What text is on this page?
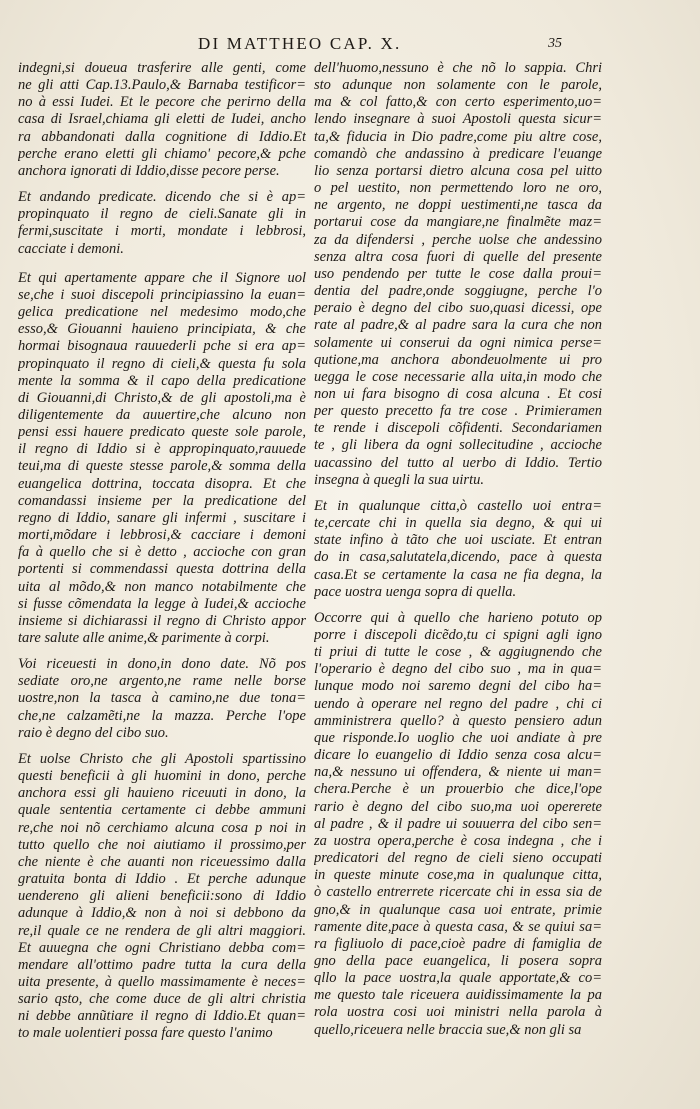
DI MATTHEO CAP. X.	35
indegni,si doueua trasferire alle genti, come
ne gli atti Cap.13.Paulo,& Barnaba testificor=
no à essi Iudei. Et le pecore che perirno della
casa di Israel,chiama gli eletti de Iudei, ancho
ra abbandonati dalla cognitione di Iddio.Et
perche erano eletti gli chiamo' pecore,& pche
anchora ignorati di Iddio,disse pecore perse.
Et andando predicate. dicendo che si è ap=
propinquato il regno de cieli.Sanate gli in
fermi,suscitate i morti, mondate i lebbrosi,
cacciate i demoni.
Et qui apertamente appare che il Signore uol
se,che i suoi discepoli principiassino la euan=
gelica predicatione nel medesimo modo,che
esso,& Giouanni hauieno principiata, & che
hormai bisognaua rauuederli pche si era ap=
propinquato il regno di cieli,& questa fu sola
mente la somma & il capo della predicatione
di Giouanni,di Christo,& de gli apostoli,ma è
diligentemente da auuertire,che alcuno non
pensi essi hauere predicato queste sole parole,
il regno di Iddio si è appropinquato,rauuede
teui,ma di queste stesse parole,& somma della
euangelica dottrina, toccata disopra. Et che
comandassi insieme per la predicatione del
regno di Iddio, sanare gli infermi , suscitare i
morti,mõdare i lebbrosi,& cacciare i demoni
fa à quello che si è detto , accioche con gran
portenti si commendassi questa dottrina della
uita al mõdo,& non manco notabilmente che
si fusse cõmendata la legge à Iudei,& accioche
insieme si dichiarassi il regno di Christo appor
tare salute alle anime,& parimente à corpi.
Voi riceuesti in dono,in dono date. Nõ pos
sediate oro,ne argento,ne rame nelle borse
uostre,non la tasca à camino,ne due tona=
che,ne calzamẽti,ne la mazza. Perche l'ope
raio è degno del cibo suo.
Et uolse Christo che gli Apostoli spartissino
questi beneficii à gli huomini in dono, perche
anchora essi gli hauieno riceuuti in dono, la
quale sententia certamente ci debbe ammuni
re,che noi nõ cerchiamo alcuna cosa p noi in
tutto quello che noi aiutiamo il prossimo,per
che niente è che auanti non riceuessimo dalla
gratuita bonta di Iddio . Et perche adunque
uendereno gli alieni beneficii:sono di Iddio
adunque à Iddio,& non à noi si debbono da
re,il quale ce ne rendera de gli altri maggiori.
Et auuegna che ogni Christiano debba com=
mendare all'ottimo padre tutta la cura della
uita presente, à quello massimamente è neces=
sario qsto, che come duce de gli altri christia
ni debbe annũtiare il regno di Iddio.Et quan=
to male uolentieri possa fare questo l'animo
dell'huomo,nessuno è che nõ lo sappia. Chri
sto adunque non solamente con le parole,
ma & col fatto,& con certo esperimento,uo=
lendo insegnare à suoi Apostoli questa sicur=
ta,& fiducia in Dio padre,come piu altre cose,
comandò che andassino à predicare l'euange
lio senza portarsi dietro alcuna cosa pel uitto
o pel uestito, non permettendo loro ne oro,
ne argento, ne doppi uestimenti,ne tasca da
portarui cose da mangiare,ne finalmẽte maz=
za da difendersi , perche uolse che andessino
senza altra cosa fuori di quelle del presente
uso pendendo per tutte le cose dalla proui=
dentia del padre,onde soggiugne, perche l'o
peraio è degno del cibo suo,quasi dicessi, ope
rate al padre,& al padre sara la cura che non
solamente ui conserui da ogni nimica perse=
qutione,ma anchora abondeuolmente ui pro
uegga le cose necessarie alla uita,in modo che
non ui fara bisogno di cosa alcuna . Et cosi
per questo precetto fa tre cose . Primieramen
te rende i discepoli cõfidenti. Secondariamen
te , gli libera da ogni sollecitudine , accioche
uacassino del tutto al uerbo di Iddio. Tertio
insegna à quegli la sua uirtu.
Et in qualunque citta,ò castello uoi entra=
te,cercate chi in quella sia degno, & qui ui
state infino à tãto che uoi usciate. Et entran
do in casa,salutatela,dicendo, pace à questa
casa.Et se certamente la casa ne fia degna, la
pace uostra uenga sopra di quella.
Occorre qui à quello che harieno potuto op
porre i discepoli dicẽdo,tu ci spigni agli igno
ti priui di tutte le cose , & aggiugnendo che
l'operario è degno del cibo suo , ma in qua=
lunque modo noi saremo degni del cibo ha=
uendo à operare nel regno del padre , chi ci
amministrera quello? à questo pensiero adun
que risponde.Io uoglio che uoi andiate à pre
dicare lo euangelio di Iddio senza cosa alcu=
na,& nessuno ui offendera, & niente ui man=
chera.Perche è un prouerbio che dice,l'ope
rario è degno del cibo suo,ma uoi opererete
al padre , & il padre ui souuerra del cibo sen=
za uostra opera,perche è cosa indegna , che i
predicatori del regno de cieli sieno occupati
in queste minute cose,ma in qualunque citta,
ò castello entrerrete ricercate chi in essa sia de
gno,& in qualunque casa uoi entrate, primie
ramente dite,pace à questa casa, & se quiui sa=
ra figliuolo di pace,cioè padre di famiglia de
gno della pace euangelica, li posera sopra
qllo la pace uostra,la quale apportate,& co=
me questo tale riceuera auidissimamente la pa
rola uostra cosi uoi ministri nella parola à
quello,riceuera nelle braccia sue,& non gli sa
